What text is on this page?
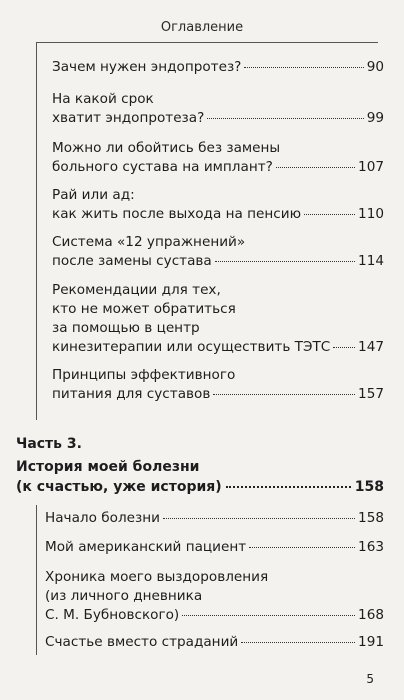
Оглавление
Зачем нужен эндопротез?	90
На какой срок
хватит эндопротеза?	99
Можно ли обойтись без замены
больного сустава на имплант?	107
Рай или ад:
как жить после выхода на пенсию	110
Система «12 упражнений»
после замены сустава	114
Рекомендации для тех,
кто не может обратиться
за помощью в центр
кинезитерапии или осуществить ТЭТС 147
Принципы эффективного
питания для суставов	157
Часть 3.
История моей болезни
(к счастью, уже история)	158
Начало болезни	158
Мой американский пациент	163
Хроника моего выздоровления
(из личного дневника
С. М. Бубновского)	168
Счастье вместо страданий	191
5
